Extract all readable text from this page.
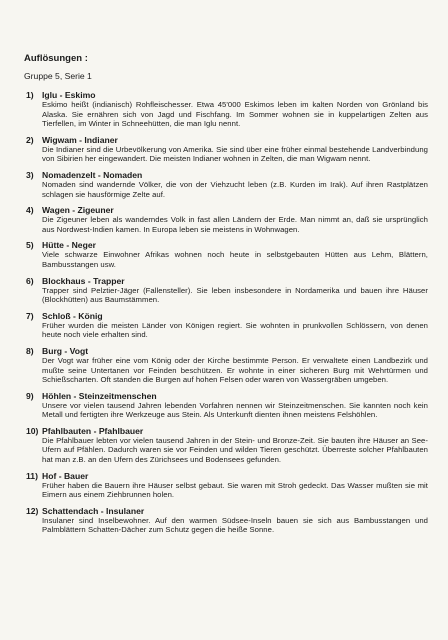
Auflösungen :
Gruppe 5, Serie 1
1) Iglu - Eskimo
Eskimo heißt (indianisch) Rohfleischesser. Etwa 45'000 Eskimos leben im kalten Norden von Grönland bis Alaska. Sie ernähren sich von Jagd und Fischfang. Im Sommer wohnen sie in kuppelartigen Zelten aus Tierfellen, im Winter in Schneehütten, die man Iglu nennt.
2) Wigwam - Indianer
Die Indianer sind die Urbevölkerung von Amerika. Sie sind über eine früher einmal bestehende Landverbindung von Sibirien her eingewandert. Die meisten Indianer wohnen in Zelten, die man Wigwam nennt.
3) Nomadenzelt - Nomaden
Nomaden sind wandernde Völker, die von der Viehzucht leben (z.B. Kurden im Irak). Auf ihren Rastplätzen schlagen sie hausförmige Zelte auf.
4) Wagen - Zigeuner
Die Zigeuner leben als wanderndes Volk in fast allen Ländern der Erde. Man nimmt an, daß sie ursprünglich aus Nordwest-Indien kamen. In Europa leben sie meistens in Wohnwagen.
5) Hütte - Neger
Viele schwarze Einwohner Afrikas wohnen noch heute in selbstgebauten Hütten aus Lehm, Blättern, Bambusstangen usw.
6) Blockhaus - Trapper
Trapper sind Pelztier-Jäger (Fallensteller). Sie leben insbesondere in Nordamerika und bauen ihre Häuser (Blockhütten) aus Baumstämmen.
7) Schloß - König
Früher wurden die meisten Länder von Königen regiert. Sie wohnten in prunkvollen Schlössern, von denen heute noch viele erhalten sind.
8) Burg - Vogt
Der Vogt war früher eine vom König oder der Kirche bestimmte Person. Er verwaltete einen Landbezirk und mußte seine Untertanen vor Feinden beschützen. Er wohnte in einer sicheren Burg mit Wehrtürmen und Schießscharten. Oft standen die Burgen auf hohen Felsen oder waren von Wassergräben umgeben.
9) Höhlen - Steinzeitmenschen
Unsere vor vielen tausend Jahren lebenden Vorfahren nennen wir Steinzeitmenschen. Sie kannten noch kein Metall und fertigten ihre Werkzeuge aus Stein. Als Unterkunft dienten ihnen meistens Felshöhlen.
10) Pfahlbauten - Pfahlbauer
Die Pfahlbauer lebten vor vielen tausend Jahren in der Stein- und Bronze-Zeit. Sie bauten ihre Häuser an See-Ufern auf Pfählen. Dadurch waren sie vor Feinden und wilden Tieren geschützt. Überreste solcher Pfahlbauten hat man z.B. an den Ufern des Zürichsees und Bodensees gefunden.
11) Hof - Bauer
Früher haben die Bauern ihre Häuser selbst gebaut. Sie waren mit Stroh gedeckt. Das Wasser mußten sie mit Eimern aus einem Ziehbrunnen holen.
12) Schattendach - Insulaner
Insulaner sind Inselbewohner. Auf den warmen Südsee-Inseln bauen sie sich aus Bambusstangen und Palmblättern Schatten-Dächer zum Schutz gegen die heiße Sonne.
